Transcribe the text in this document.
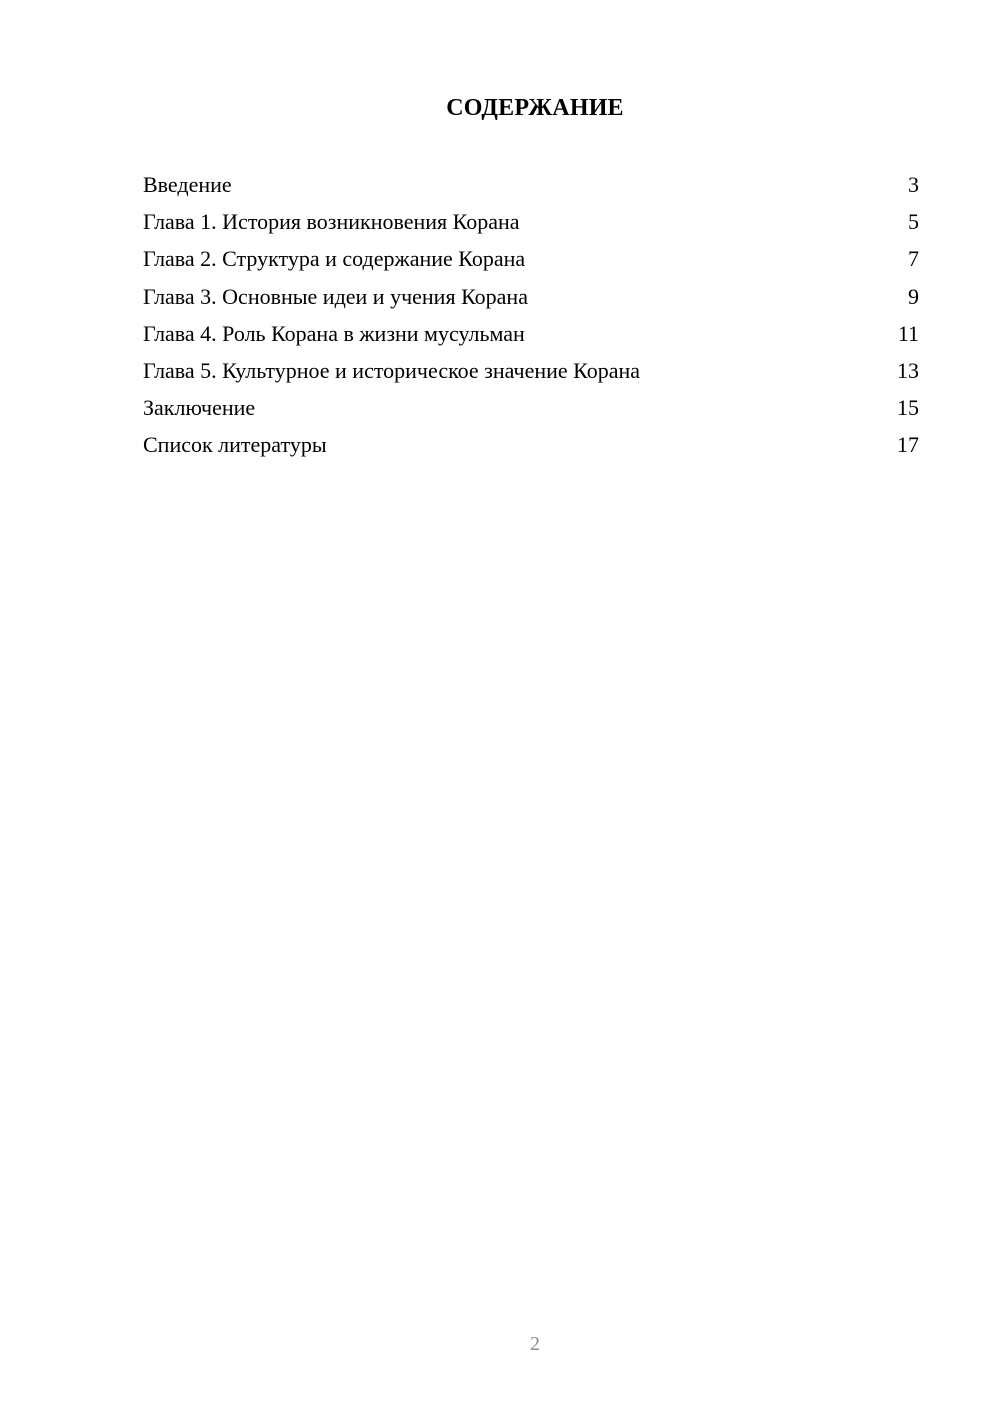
СОДЕРЖАНИЕ
Введение	3
Глава 1. История возникновения Корана	5
Глава 2. Структура и содержание Корана	7
Глава 3. Основные идеи и учения Корана	9
Глава 4. Роль Корана в жизни мусульман	11
Глава 5. Культурное и историческое значение Корана	13
Заключение	15
Список литературы	17
2
